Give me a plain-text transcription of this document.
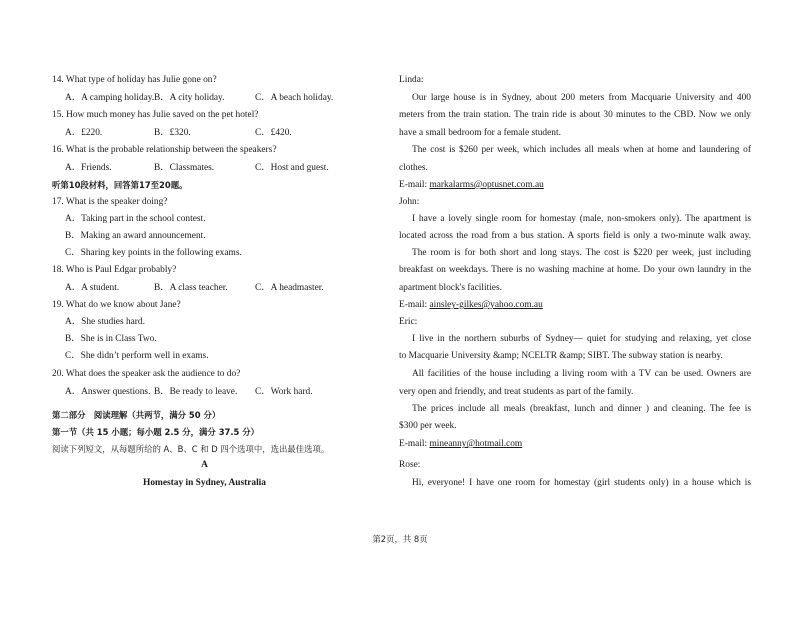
14. What type of holiday has Julie gone on?
A．A camping holiday.B．A city holiday.	C．A beach holiday.
15. How much money has Julie saved on the pet hotel?
A．£220.	B．£320.	C．£420.
16. What is the probable relationship between the speakers?
A．Friends.	B．Classmates.	C．Host and guest.
听第10段材料，回答第17至20题。
17. What is the speaker doing?
A．Taking part in the school contest.
B．Making an award announcement.
C．Sharing key points in the following exams.
18. Who is Paul Edgar probably?
A．A student.	B．A class teacher.	C．A headmaster.
19. What do we know about Jane?
A．She studies hard.
B．She is in Class Two.
C．She didn’t perform well in exams.
20. What does the speaker ask the audience to do?
A．Answer questions. B．Be ready to leave. C．Work hard.
第二部分　阅读理解（共两节，满分 50 分）
第一节（共 15 小题；每小题 2.5 分，满分 37.5 分）
阅读下列短文，从每题所给的 A、B、C 和 D 四个选项中，选出最佳选项。
A
Homestay in Sydney, Australia
Linda:
Our large house is in Sydney, about 200 meters from Macquarie University and 400
meters from the train station. The train ride is about 30 minutes to the CBD. Now we only
have a small bedroom for a female student.
The cost is $260 per week, which includes all meals when at home and laundering of
clothes.
E-mail: markalarms@optusnet.com.au
John:
I have a lovely single room for homestay (male, non-smokers only). The apartment is
located across the road from a bus station. A sports field is only a two-minute walk away.
The room is for both short and long stays. The cost is $220 per week, just including
breakfast on weekdays. There is no washing machine at home. Do your own laundry in the
apartment block's facilities.
E-mail: ainsley-gilkes@yahoo.com.au
Eric:
I live in the northern suburbs of Sydney— quiet for studying and relaxing, yet close
to Macquarie University &amp; NCELTR &amp; SIBT. The subway station is nearby.
All facilities of the house including a living room with a TV can be used. Owners are
very open and friendly, and treat students as part of the family.
The prices include all meals (breakfast, lunch and dinner ) and cleaning. The fee is
$300 per week.
E-mail: mineanny@hotmail.com
Rose:
Hi, everyone! I have one room for homestay (girl students only) in a house which is
第2页，共 8页
